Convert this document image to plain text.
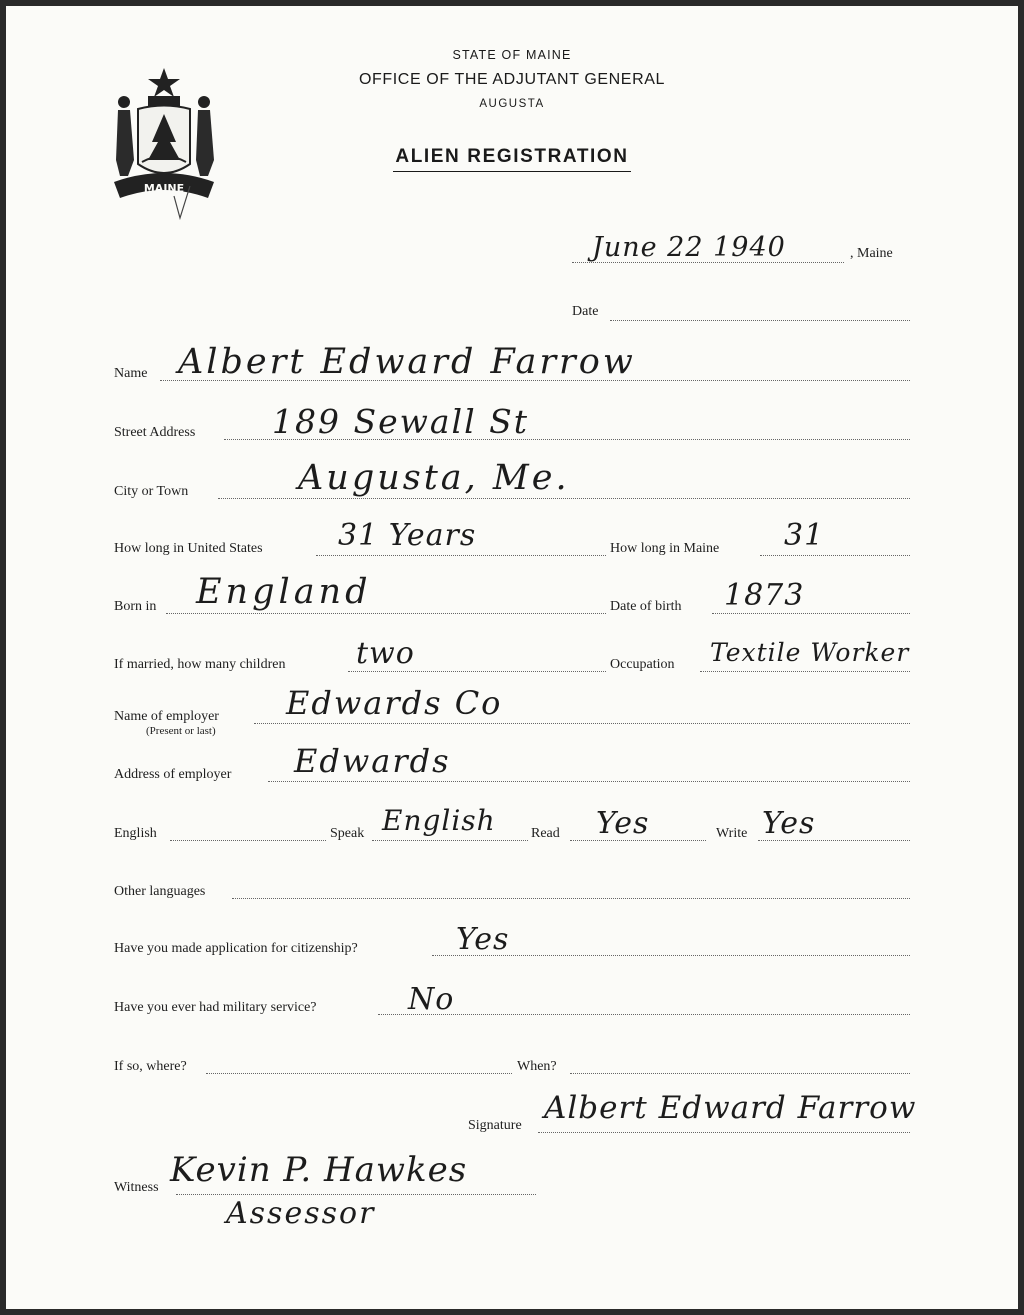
STATE OF MAINE
OFFICE OF THE ADJUTANT GENERAL
AUGUSTA
ALIEN REGISTRATION
MAINE
June 22 1940	, Maine
Date
Name Albert Edward Farrow
Street Address 189 Sewall St
City or Town	Augusta, Me.
How long in United States	31 Years	How long in Maine 31
Born in England	Date of birth 1873
If married, how many children two	Occupation Textile Worker
Name of employer
(Present or last)
Edwards Co
Address of employer Edwards
English	Speak English	Read Yes	Write Yes
Other languages
Have you made application for citizenship?	Yes
Have you ever had military service?	No
If so, where?	When?
Signature Albert Edward Farrow
Witness Kevin P. Hawkes
Assessor
